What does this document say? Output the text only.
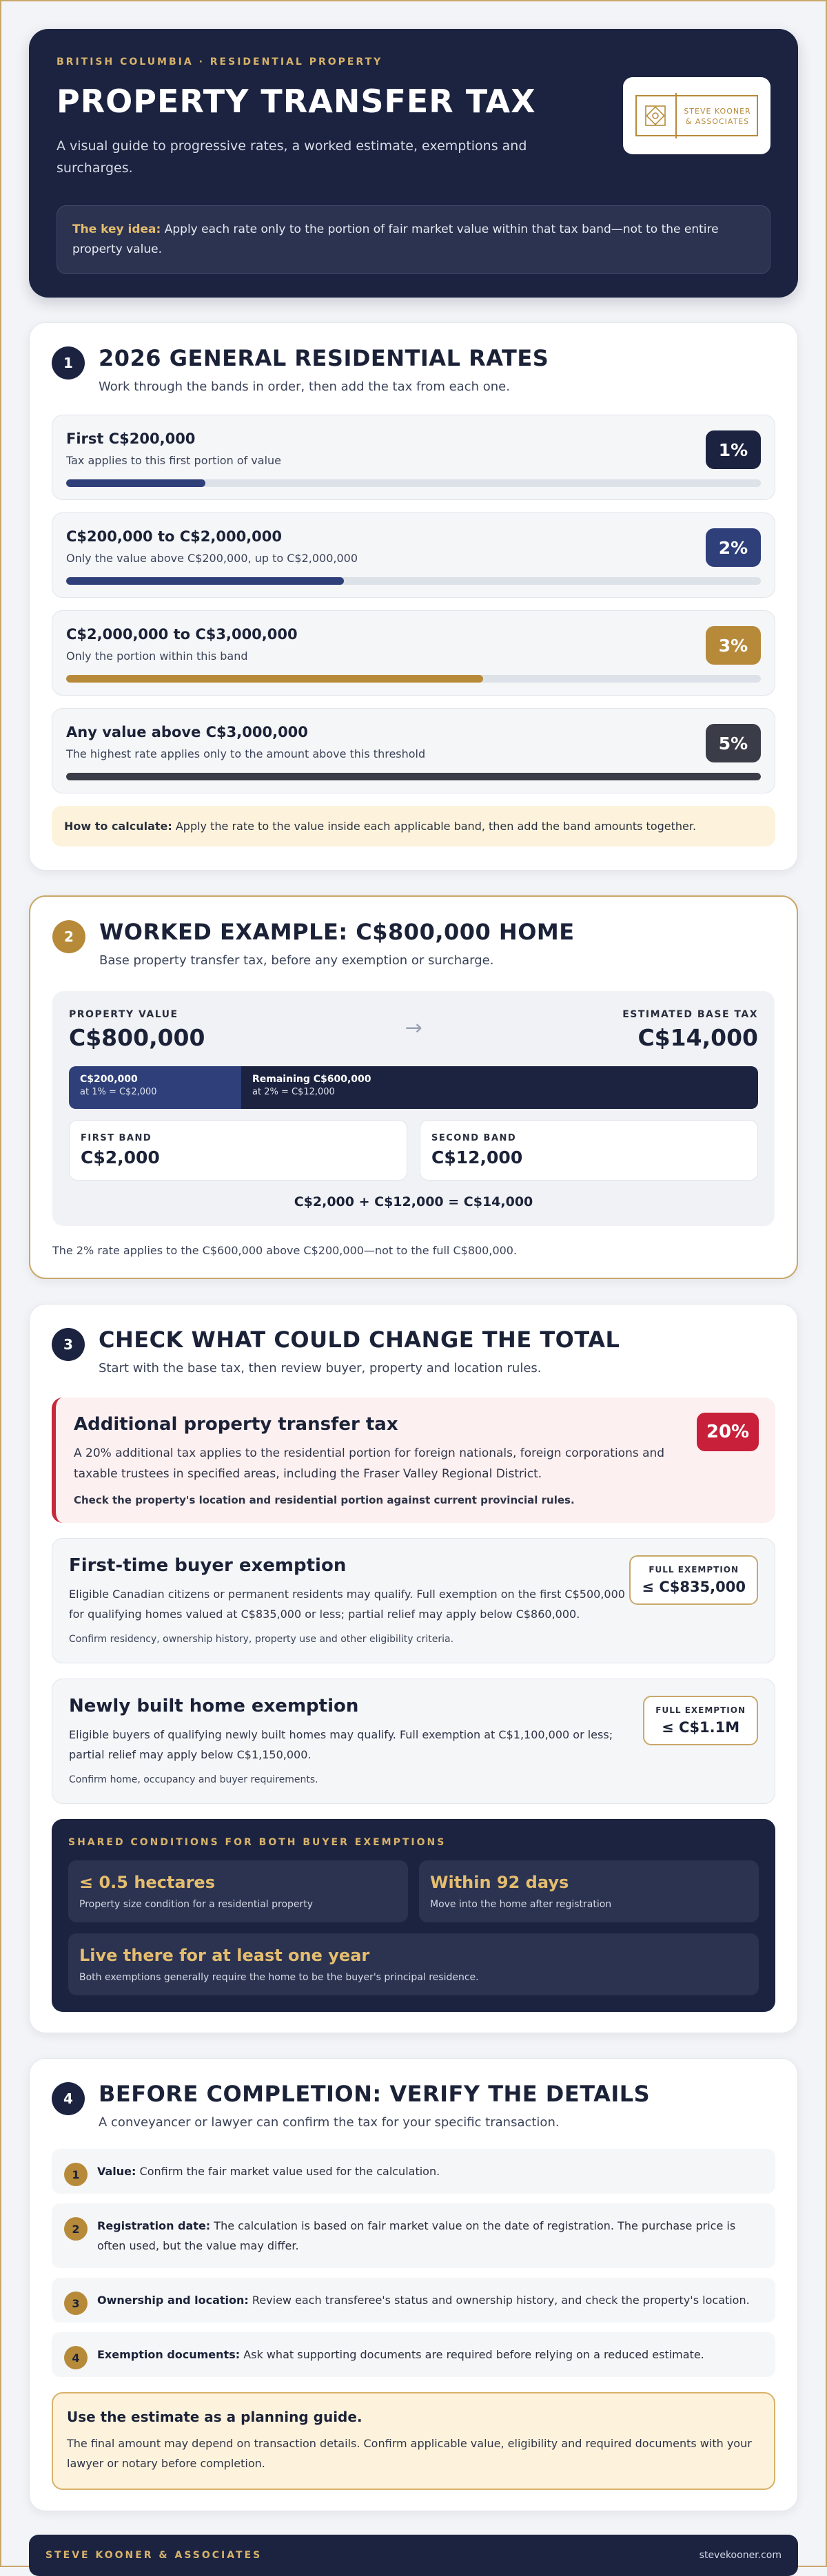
BRITISH COLUMBIA · RESIDENTIAL PROPERTY
PROPERTY TRANSFER TAX
A visual guide to progressive rates, a worked estimate, exemptions and surcharges.
STEVE KOONER
& ASSOCIATES
The key idea: Apply each rate only to the portion of fair market value within that tax band—not to the entire property value.
1	2026 GENERAL RESIDENTIAL RATES

Work through the bands in order, then add the tax from each one.

First C$200,000

Tax applies to this first portion of value

1%
C$200,000 to C$2,000,000

Only the value above C$200,000, up to C$2,000,000

2%
C$2,000,000 to C$3,000,000

Only the portion within this band

3%
Any value above C$3,000,000

The highest rate applies only to the amount above this threshold

5%
How to calculate: Apply the rate to the value inside each applicable band, then add the band amounts together.
2	WORKED EXAMPLE: C$800,000 HOME

Base property transfer tax, before any exemption or surcharge.

PROPERTY VALUE
C$800,000	→
ESTIMATED BASE TAX
C$14,000
C$200,000
at 1% = C$2,000
Remaining C$600,000
at 2% = C$12,000
FIRST BAND
C$2,000
SECOND BAND
C$12,000
C$2,000 + C$12,000 = C$14,000
The 2% rate applies to the C$600,000 above C$200,000—not to the full C$800,000.
3	CHECK WHAT COULD CHANGE THE TOTAL

Start with the base tax, then review buyer, property and location rules.

Additional property transfer tax

A 20% additional tax applies to the residential portion for foreign nationals, foreign corporations and taxable trustees in specified areas, including the Fraser Valley Regional District.

Check the property's location and residential portion against current provincial rules.
20%
First-time buyer exemption

Eligible Canadian citizens or permanent residents may qualify. Full exemption on the first C$500,000 for qualifying homes valued at C$835,000 or less; partial relief may apply below C$860,000.

Confirm residency, ownership history, property use and other eligibility criteria.
FULL EXEMPTION
≤ C$835,000
Newly built home exemption

Eligible buyers of qualifying newly built homes may qualify. Full exemption at C$1,100,000 or less; partial relief may apply below C$1,150,000.

Confirm home, occupancy and buyer requirements.
FULL EXEMPTION
≤ C$1.1M
SHARED CONDITIONS FOR BOTH BUYER EXEMPTIONS
≤ 0.5 hectares

Property size condition for a residential property

Within 92 days

Move into the home after registration

Live there for at least one year

Both exemptions generally require the home to be the buyer's principal residence.

4	BEFORE COMPLETION: VERIFY THE DETAILS

A conveyancer or lawyer can confirm the tax for your specific transaction.

1	Value: Confirm the fair market value used for the calculation.
2	Registration date: The calculation is based on fair market value on the date of registration. The purchase price is often used, but the value may differ.
3	Ownership and location: Review each transferee's status and ownership history, and check the property's location.
4	Exemption documents: Ask what supporting documents are required before relying on a reduced estimate.
Use the estimate as a planning guide.

The final amount may depend on transaction details. Confirm applicable value, eligibility and required documents with your lawyer or notary before completion.

STEVE KOONER & ASSOCIATES	stevekooner.com
